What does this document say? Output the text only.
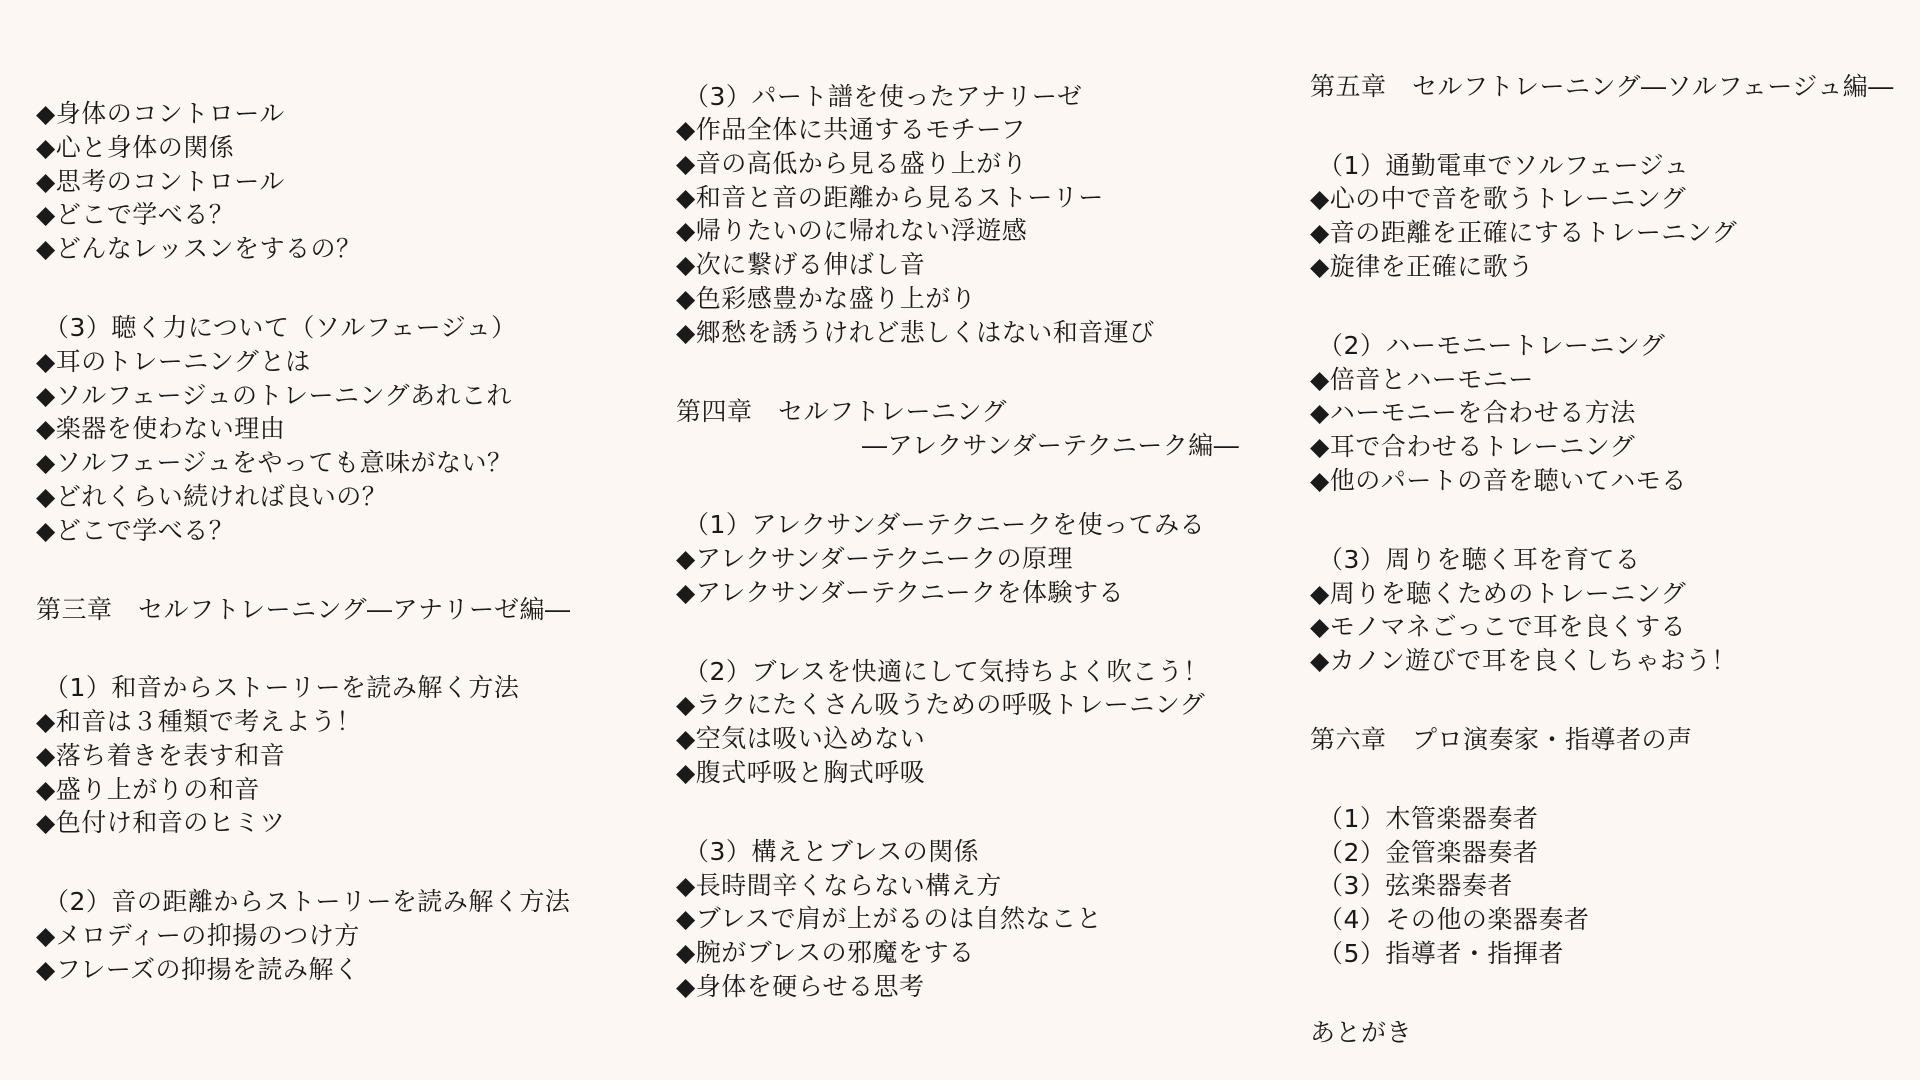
◆身体のコントロール
◆心と身体の関係
◆思考のコントロール
◆どこで学べる？
◆どんなレッスンをするの？
（3）聴く力について（ソルフェージュ）
◆耳のトレーニングとは
◆ソルフェージュのトレーニングあれこれ
◆楽器を使わない理由
◆ソルフェージュをやっても意味がない？
◆どれくらい続ければ良いの？
◆どこで学べる？
第三章　セルフトレーニング―アナリーゼ編―
（1）和音からストーリーを読み解く方法
◆和音は３種類で考えよう！
◆落ち着きを表す和音
◆盛り上がりの和音
◆色付け和音のヒミツ
（2）音の距離からストーリーを読み解く方法
◆メロディーの抑揚のつけ方
◆フレーズの抑揚を読み解く
（3）パート譜を使ったアナリーゼ
◆作品全体に共通するモチーフ
◆音の高低から見る盛り上がり
◆和音と音の距離から見るストーリー
◆帰りたいのに帰れない浮遊感
◆次に繋げる伸ばし音
◆色彩感豊かな盛り上がり
◆郷愁を誘うけれど悲しくはない和音運び
第四章　セルフトレーニング
―アレクサンダーテクニーク編―
（1）アレクサンダーテクニークを使ってみる
◆アレクサンダーテクニークの原理
◆アレクサンダーテクニークを体験する
（2）ブレスを快適にして気持ちよく吹こう！
◆ラクにたくさん吸うための呼吸トレーニング
◆空気は吸い込めない
◆腹式呼吸と胸式呼吸
（3）構えとブレスの関係
◆長時間辛くならない構え方
◆ブレスで肩が上がるのは自然なこと
◆腕がブレスの邪魔をする
◆身体を硬らせる思考
第五章　セルフトレーニング―ソルフェージュ編―
（1）通勤電車でソルフェージュ
◆心の中で音を歌うトレーニング
◆音の距離を正確にするトレーニング
◆旋律を正確に歌う
（2）ハーモニートレーニング
◆倍音とハーモニー
◆ハーモニーを合わせる方法
◆耳で合わせるトレーニング
◆他のパートの音を聴いてハモる
（3）周りを聴く耳を育てる
◆周りを聴くためのトレーニング
◆モノマネごっこで耳を良くする
◆カノン遊びで耳を良くしちゃおう！
第六章　プロ演奏家・指導者の声
（1）木管楽器奏者
（2）金管楽器奏者
（3）弦楽器奏者
（4）その他の楽器奏者
（5）指導者・指揮者
あとがき
